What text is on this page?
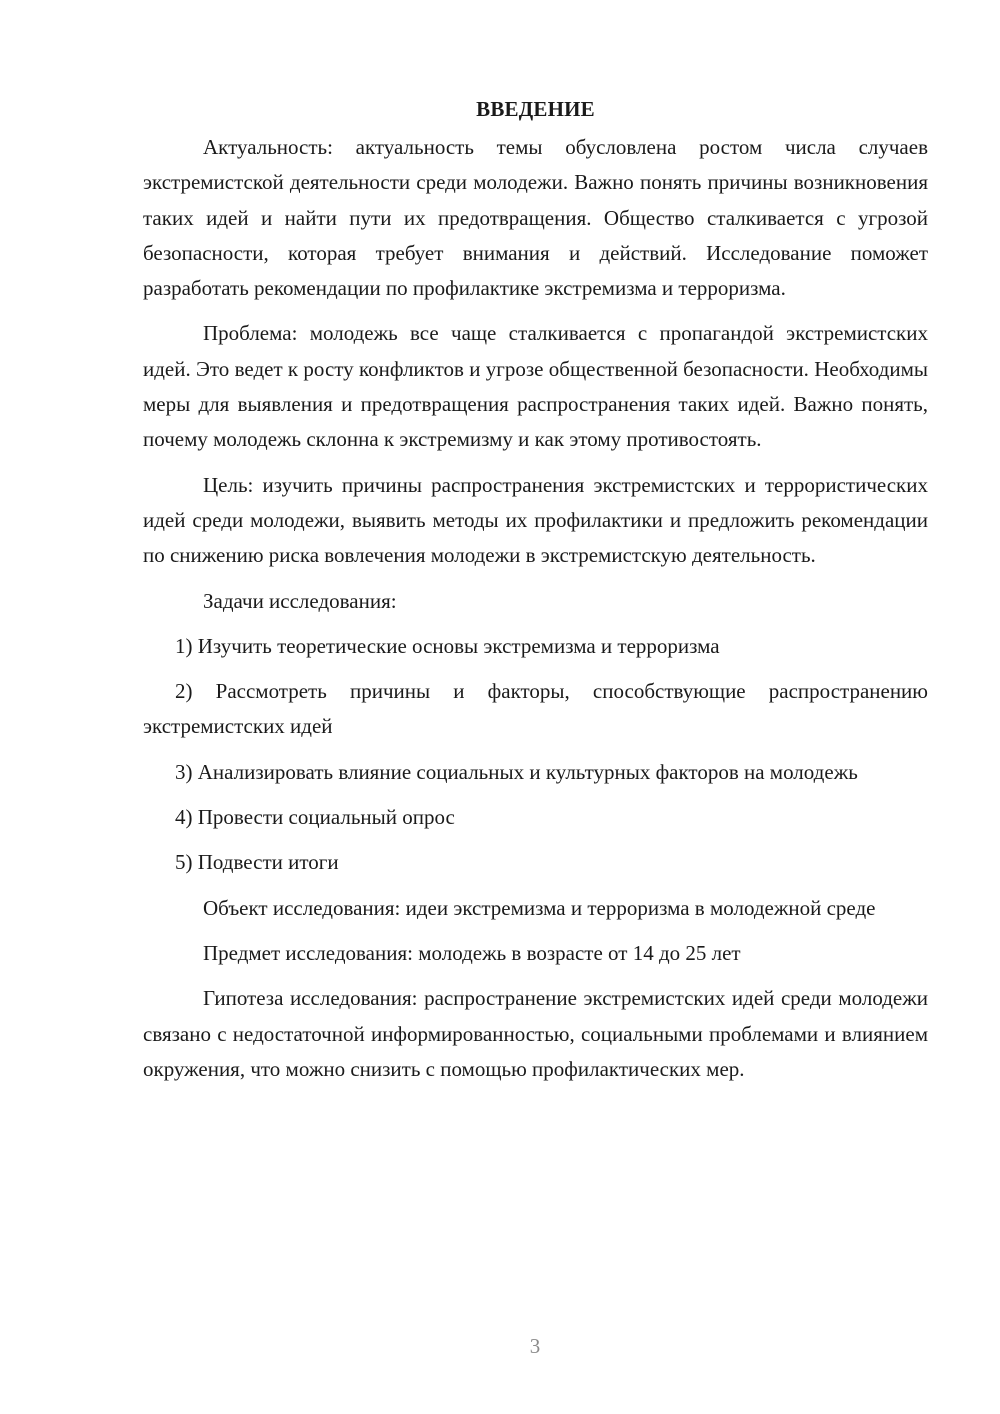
ВВЕДЕНИЕ

Актуальность: актуальность темы обусловлена ростом числа случаев экстремистской деятельности среди молодежи. Важно понять причины возникновения таких идей и найти пути их предотвращения. Общество сталкивается с угрозой безопасности, которая требует внимания и действий. Исследование поможет разработать рекомендации по профилактике экстремизма и терроризма.

Проблема: молодежь все чаще сталкивается с пропагандой экстремистских идей. Это ведет к росту конфликтов и угрозе общественной безопасности. Необходимы меры для выявления и предотвращения распространения таких идей. Важно понять, почему молодежь склонна к экстремизму и как этому противостоять.

Цель: изучить причины распространения экстремистских и террористических идей среди молодежи, выявить методы их профилактики и предложить рекомендации по снижению риска вовлечения молодежи в экстремистскую деятельность.

Задачи исследования:

1) Изучить теоретические основы экстремизма и терроризма

2) Рассмотреть причины и факторы, способствующие распространению экстремистских идей

3) Анализировать влияние социальных и культурных факторов на молодежь

4) Провести социальный опрос

5) Подвести итоги

Объект исследования: идеи экстремизма и терроризма в молодежной среде

Предмет исследования: молодежь в возрасте от 14 до 25 лет

Гипотеза исследования: распространение экстремистских идей среди молодежи связано с недостаточной информированностью, социальными проблемами и влиянием окружения, что можно снизить с помощью профилактических мер.

3
